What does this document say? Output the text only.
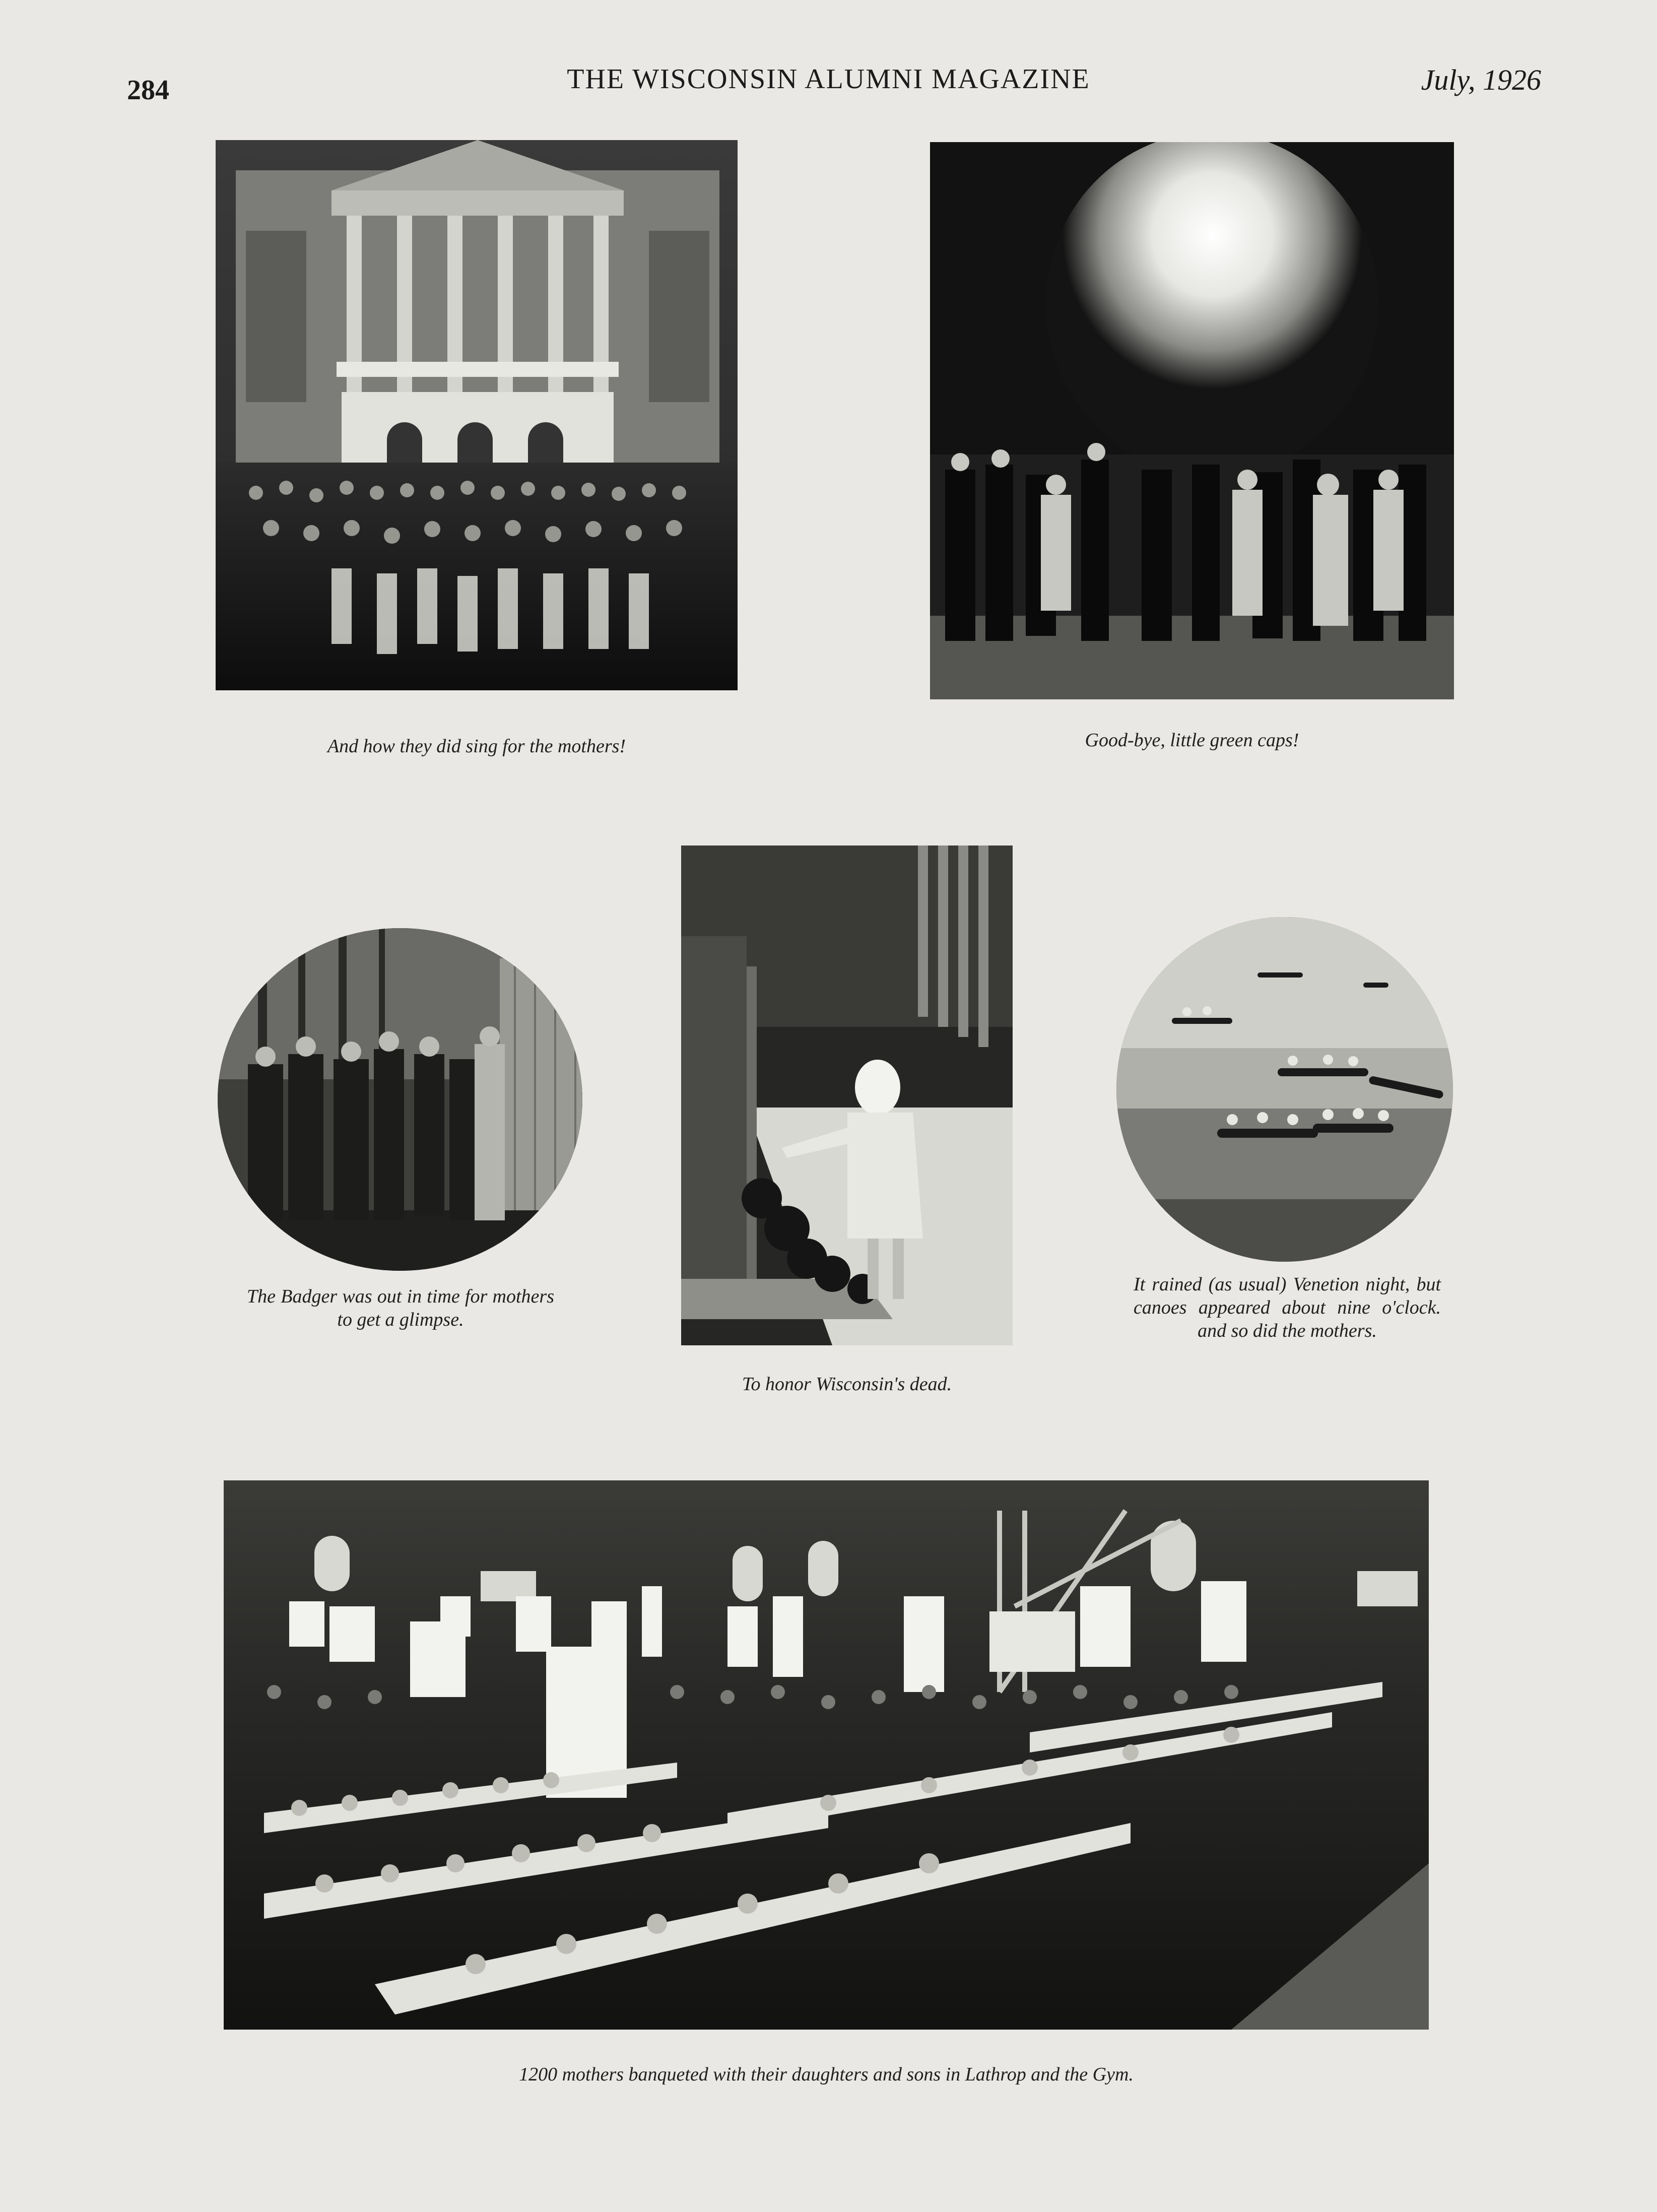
284	THE WISCONSIN ALUMNI MAGAZINE	July, 1926
And how they did sing for the mothers!	Good-bye, little green caps!
The Badger was out in time for mothers to get a glimpse.
To honor Wisconsin's dead.
It rained (as usual) Venetion night, but canoes appeared about nine o'clock. and so did the mothers.
1200 mothers banqueted with their daughters and sons in Lathrop and the Gym.
